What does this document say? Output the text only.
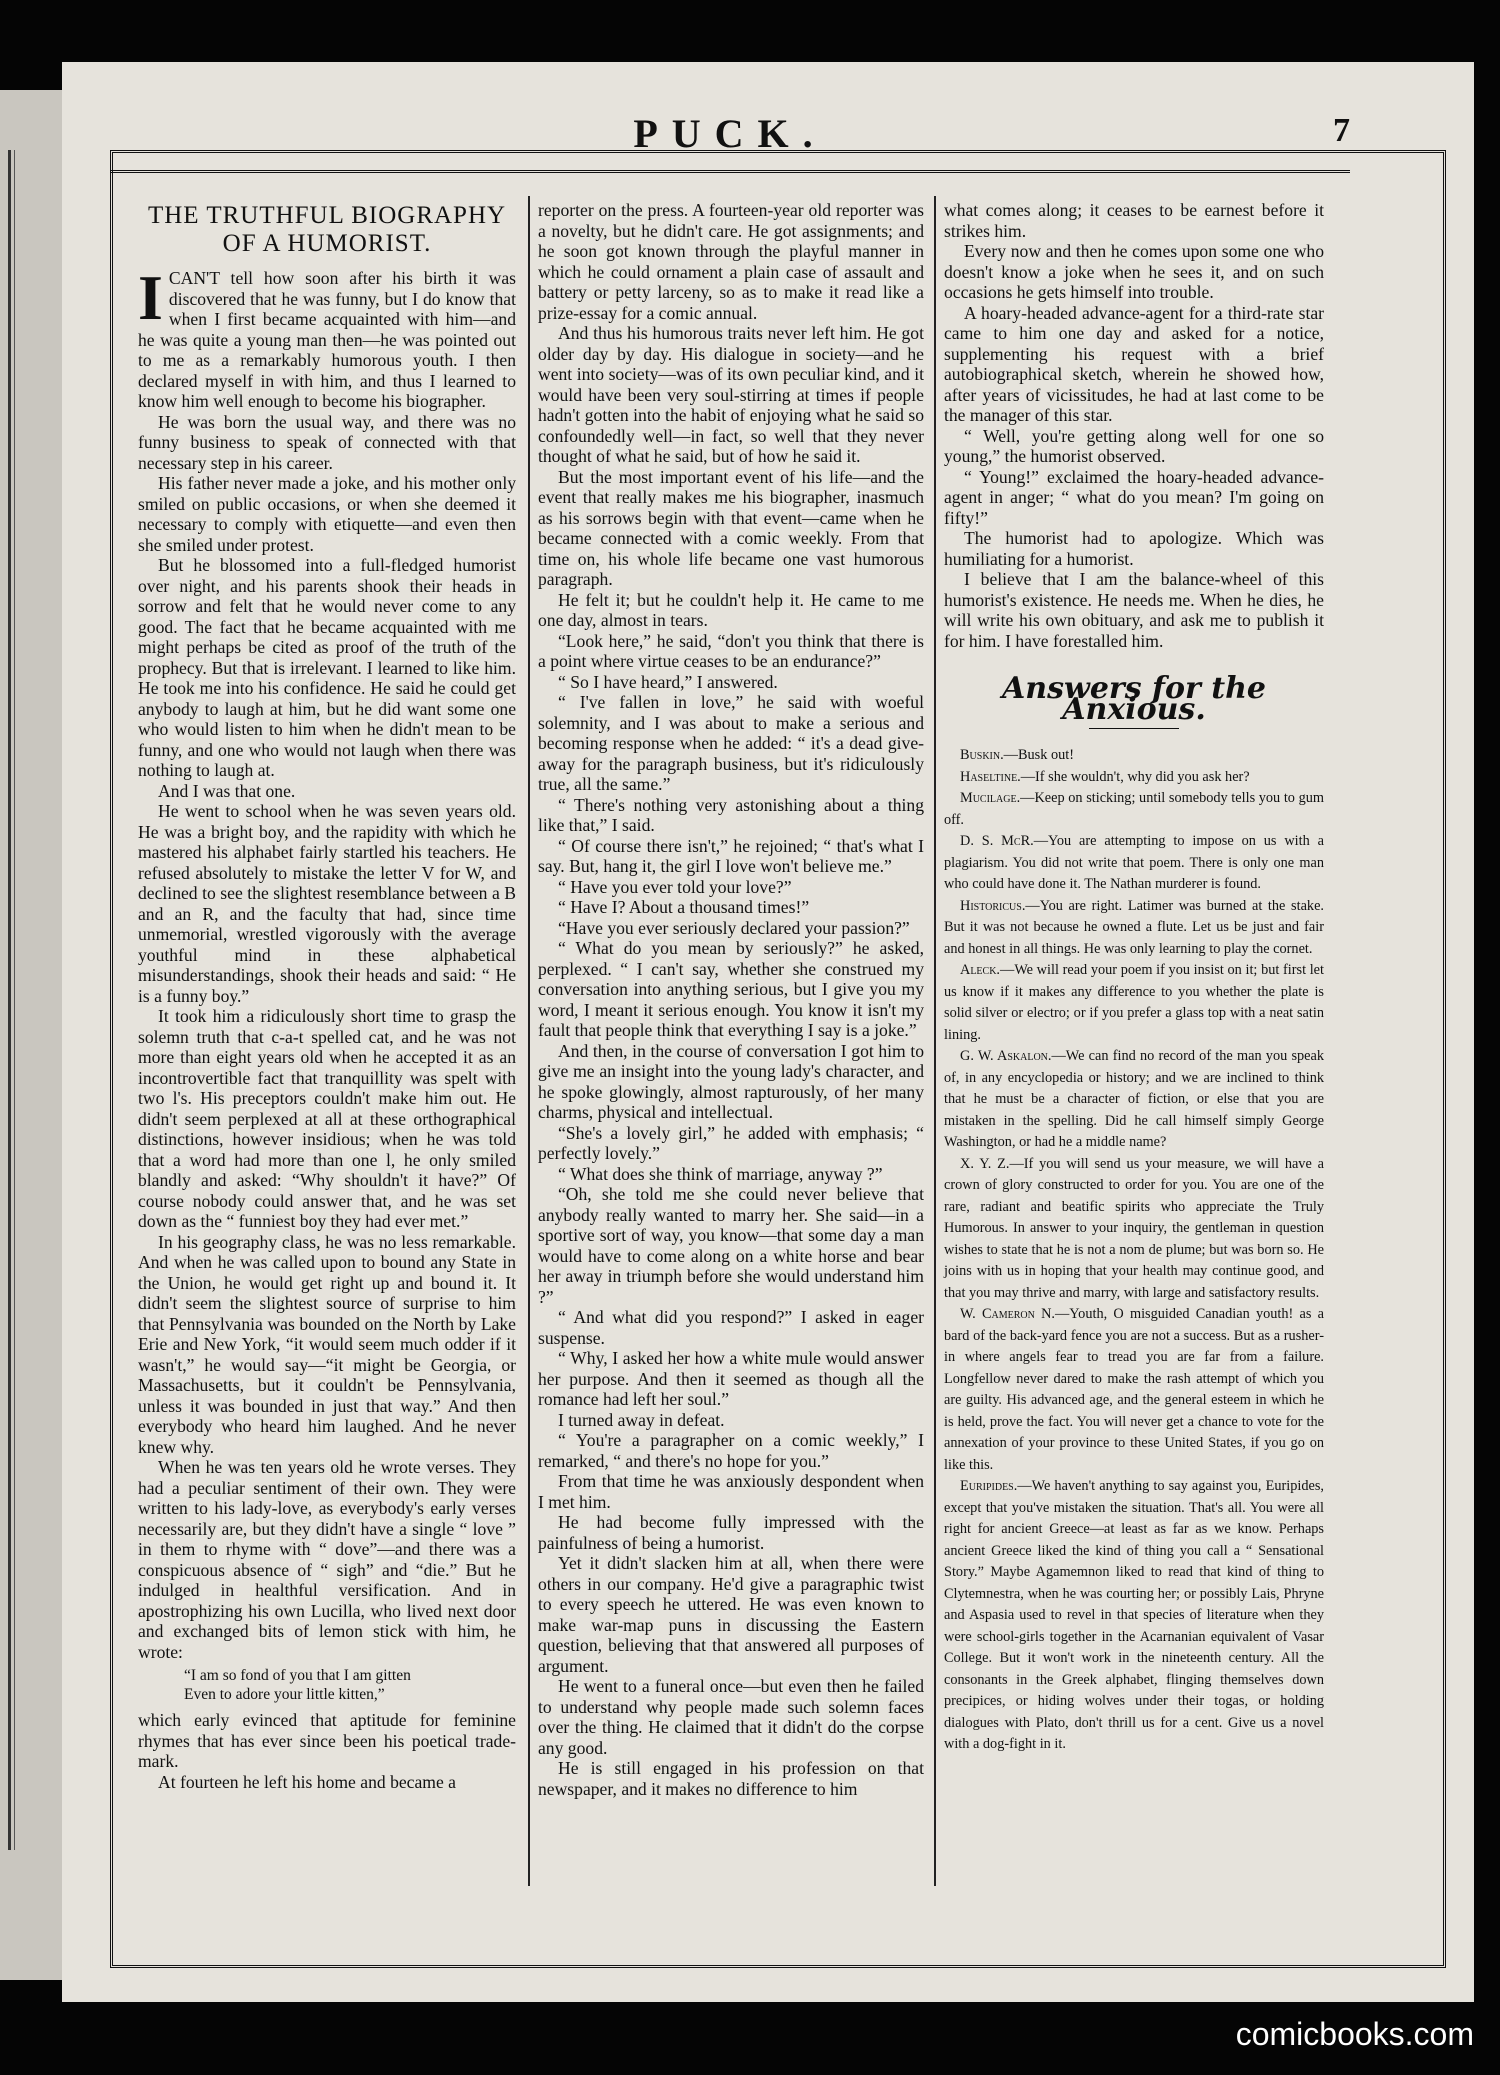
PUCK.	7
THE TRUTHFUL BIOGRAPHY
OF A HUMORIST.
I CAN'T tell how soon after his birth it was discovered that he was funny, but I do know that when I first became acquainted with him—and he was quite a young man then—he was pointed out to me as a remarkably humorous youth. I then declared myself in with him, and thus I learned to know him well enough to become his biographer.

He was born the usual way, and there was no funny business to speak of connected with that necessary step in his career.

His father never made a joke, and his mother only smiled on public occasions, or when she deemed it necessary to comply with etiquette—and even then she smiled under protest.

But he blossomed into a full-fledged humorist over night, and his parents shook their heads in sorrow and felt that he would never come to any good. The fact that he became acquainted with me might perhaps be cited as proof of the truth of the prophecy. But that is irrelevant. I learned to like him. He took me into his confidence. He said he could get anybody to laugh at him, but he did want some one who would listen to him when he didn't mean to be funny, and one who would not laugh when there was nothing to laugh at.

And I was that one.

He went to school when he was seven years old. He was a bright boy, and the rapidity with which he mastered his alphabet fairly startled his teachers. He refused absolutely to mistake the letter V for W, and declined to see the slightest resemblance between a B and an R, and the faculty that had, since time unmemorial, wrestled vigorously with the average youthful mind in these alphabetical misunderstandings, shook their heads and said: “ He is a funny boy.”

It took him a ridiculously short time to grasp the solemn truth that c-a-t spelled cat, and he was not more than eight years old when he accepted it as an incontrovertible fact that tranquillity was spelt with two l's. His preceptors couldn't make him out. He didn't seem perplexed at all at these orthographical distinctions, however insidious; when he was told that a word had more than one l, he only smiled blandly and asked: “Why shouldn't it have?” Of course nobody could answer that, and he was set down as the “ funniest boy they had ever met.”

In his geography class, he was no less remarkable. And when he was called upon to bound any State in the Union, he would get right up and bound it. It didn't seem the slightest source of surprise to him that Pennsylvania was bounded on the North by Lake Erie and New York, “it would seem much odder if it wasn't,” he would say—“it might be Georgia, or Massachusetts, but it couldn't be Pennsylvania, unless it was bounded in just that way.” And then everybody who heard him laughed. And he never knew why.

When he was ten years old he wrote verses. They had a peculiar sentiment of their own. They were written to his lady-love, as everybody's early verses necessarily are, but they didn't have a single “ love ” in them to rhyme with “ dove”—and there was a conspicuous absence of “ sigh” and “die.” But he indulged in healthful versification. And in apostrophizing his own Lucilla, who lived next door and exchanged bits of lemon stick with him, he wrote:

“I am so fond of you that I am gitten
Even to adore your little kitten,”

which early evinced that aptitude for feminine rhymes that has ever since been his poetical trade-mark.

At fourteen he left his home and became a

reporter on the press. A fourteen-year old reporter was a novelty, but he didn't care. He got assignments; and he soon got known through the playful manner in which he could ornament a plain case of assault and battery or petty larceny, so as to make it read like a prize-essay for a comic annual.

And thus his humorous traits never left him. He got older day by day. His dialogue in society—and he went into society—was of its own peculiar kind, and it would have been very soul-stirring at times if people hadn't gotten into the habit of enjoying what he said so confoundedly well—in fact, so well that they never thought of what he said, but of how he said it.

But the most important event of his life—and the event that really makes me his biographer, inasmuch as his sorrows begin with that event—came when he became connected with a comic weekly. From that time on, his whole life became one vast humorous paragraph.

He felt it; but he couldn't help it. He came to me one day, almost in tears.

“Look here,” he said, “don't you think that there is a point where virtue ceases to be an endurance?”

“ So I have heard,” I answered.

“ I've fallen in love,” he said with woeful solemnity, and I was about to make a serious and becoming response when he added: “ it's a dead give-away for the paragraph business, but it's ridiculously true, all the same.”

“ There's nothing very astonishing about a thing like that,” I said.

“ Of course there isn't,” he rejoined; “ that's what I say. But, hang it, the girl I love won't believe me.”

“ Have you ever told your love?”

“ Have I? About a thousand times!”

“Have you ever seriously declared your passion?”

“ What do you mean by seriously?” he asked, perplexed. “ I can't say, whether she construed my conversation into anything serious, but I give you my word, I meant it serious enough. You know it isn't my fault that people think that everything I say is a joke.”

And then, in the course of conversation I got him to give me an insight into the young lady's character, and he spoke glowingly, almost rapturously, of her many charms, physical and intellectual.

“She's a lovely girl,” he added with emphasis; “ perfectly lovely.”

“ What does she think of marriage, anyway ?”

“Oh, she told me she could never believe that anybody really wanted to marry her. She said—in a sportive sort of way, you know—that some day a man would have to come along on a white horse and bear her away in triumph before she would understand him ?”

“ And what did you respond?” I asked in eager suspense.

“ Why, I asked her how a white mule would answer her purpose. And then it seemed as though all the romance had left her soul.”

I turned away in defeat.

“ You're a paragrapher on a comic weekly,” I remarked, “ and there's no hope for you.”

From that time he was anxiously despondent when I met him.

He had become fully impressed with the painfulness of being a humorist.

Yet it didn't slacken him at all, when there were others in our company. He'd give a paragraphic twist to every speech he uttered. He was even known to make war-map puns in discussing the Eastern question, believing that that answered all purposes of argument.

He went to a funeral once—but even then he failed to understand why people made such solemn faces over the thing. He claimed that it didn't do the corpse any good.

He is still engaged in his profession on that newspaper, and it makes no difference to him

what comes along; it ceases to be earnest before it strikes him.

Every now and then he comes upon some one who doesn't know a joke when he sees it, and on such occasions he gets himself into trouble.

A hoary-headed advance-agent for a third-rate star came to him one day and asked for a notice, supplementing his request with a brief autobiographical sketch, wherein he showed how, after years of vicissitudes, he had at last come to be the manager of this star.

“ Well, you're getting along well for one so young,” the humorist observed.

“ Young!” exclaimed the hoary-headed advance-agent in anger; “ what do you mean? I'm going on fifty!”

The humorist had to apologize. Which was humiliating for a humorist.

I believe that I am the balance-wheel of this humorist's existence. He needs me. When he dies, he will write his own obituary, and ask me to publish it for him. I have forestalled him.

Answers for the Anxious.

Buskin.—Busk out!

Haseltine.—If she wouldn't, why did you ask her?

Mucilage.—Keep on sticking; until somebody tells you to gum off.

D. S. McR.—You are attempting to impose on us with a plagiarism. You did not write that poem. There is only one man who could have done it. The Nathan murderer is found.

Historicus.—You are right. Latimer was burned at the stake. But it was not because he owned a flute. Let us be just and fair and honest in all things. He was only learning to play the cornet.

Aleck.—We will read your poem if you insist on it; but first let us know if it makes any difference to you whether the plate is solid silver or electro; or if you prefer a glass top with a neat satin lining.

G. W. Askalon.—We can find no record of the man you speak of, in any encyclopedia or history; and we are inclined to think that he must be a character of fiction, or else that you are mistaken in the spelling. Did he call himself simply George Washington, or had he a middle name?

X. Y. Z.—If you will send us your measure, we will have a crown of glory constructed to order for you. You are one of the rare, radiant and beatific spirits who appreciate the Truly Humorous. In answer to your inquiry, the gentleman in question wishes to state that he is not a nom de plume; but was born so. He joins with us in hoping that your health may continue good, and that you may thrive and marry, with large and satisfactory results.

W. Cameron N.—Youth, O misguided Canadian youth! as a bard of the back-yard fence you are not a success. But as a rusher-in where angels fear to tread you are far from a failure. Longfellow never dared to make the rash attempt of which you are guilty. His advanced age, and the general esteem in which he is held, prove the fact. You will never get a chance to vote for the annexation of your province to these United States, if you go on like this.

Euripides.—We haven't anything to say against you, Euripides, except that you've mistaken the situation. That's all. You were all right for ancient Greece—at least as far as we know. Perhaps ancient Greece liked the kind of thing you call a “ Sensational Story.” Maybe Agamemnon liked to read that kind of thing to Clytemnestra, when he was courting her; or possibly Lais, Phryne and Aspasia used to revel in that species of literature when they were school-girls together in the Acarnanian equivalent of Vasar College. But it won't work in the nineteenth century. All the consonants in the Greek alphabet, flinging themselves down precipices, or hiding wolves under their togas, or holding dialogues with Plato, don't thrill us for a cent. Give us a novel with a dog-fight in it.

comicbooks.com
